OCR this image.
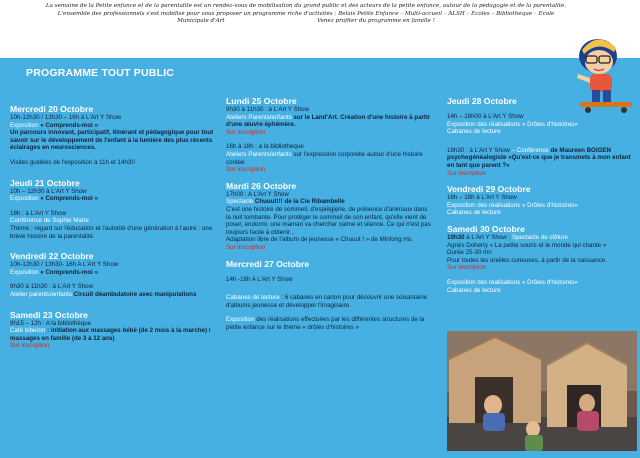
La semaine de la Petite enfance et de la parentalité est un rendez-vous de mobilisation du grand public et des acteurs de la petite enfance, autour de la pédagogie et de la parentalité.
L'ensemble des professionnels s'est mobilisé pour vous proposer un programme riche d'activités : Relais Petite Enfance – Multi-accueil – ALSH – Écoles – Bibliothèque – Ecole
Municipale d'Art                                                    Venez profiter du programme en famille !
PROGRAMME TOUT PUBLIC
Mercredi 20 Octobre
10h-12h30 / 13h30 – 16h à L'Art Y Show
Exposition « Comprends-moi »
Un parcours innovant, participatif, itinérant et pédagogique pour tout savoir sur le développement de l'enfant à la lumière des plus récents éclairages en neurosciences.
Visites guidées de l'exposition à 11h et 14h30
Jeudi 21 Octobre
10h – 12h30 à L'Art Y Show
Exposition « Comprends-moi »
18h : à L'Art Y Show
Conférence de Sophie Marie
Thème : regard sur l'éducation et l'autorité d'une génération à l'autre : une brève histoire de la parentalité.
Vendredi 22 Octobre
10h-12h30 / 13h30- 16h A L'Art Y Show
Exposition « Comprends-moi »
9h30 à 11h30 : à L'Art Y Show
Atelier parents/enfants Circuit déambulatoire avec manipulations
Samedi 23 Octobre
9h15 – 12h : A la bibliothèque
Café biberon : initiation aux massages bébé (de 2 mois à la marche) / massages en famille (de 3 à 12 ans)
Sur inscription
Lundi 25 Octobre
9h30 à 11h30 : à L'Art Y Show
Ateliers Parents/enfants sur le Land'Art. Création d'une histoire à partir d'une œuvre éphémère.
Sur inscription
16h à 18h : à la bibliothèque
Ateliers Parents/enfants sur l'expression corporelle autour d'une histoire contée
Sur inscription
Mardi 26 Octobre
17h00 : A L'Art Y Show
Spectacle Chuuut!!! de la Cie Ribambelle
C'est une histoire de sommeil, d'espiègle̱rie, de présence d'animaux dans la nuit tombante. Pour protéger le sommeil de son enfant, qu'elle vient de poser, endormi, une maman va chercher calme et silence. Ce qui n'est pas toujours facile à obtenir...
Adaptation libre de l'album de jeunesse « Chuuut ! » de Minfong Ho.
Sur inscription
Mercredi 27 Octobre
14h -18h A L'Art Y Show
Cabanes de lecture : 6 cabanes en carton pour découvrir une soixantaine d'albums jeunesse et développer l'imaginaire.
Exposition des réalisations effectuées par les différentes structures de la petite enfance sur le thème « drôles d'histoires »
Jeudi 28 Octobre
14h – 18h00 à L'Art Y Show
Exposition des réalisations « Drôles d'histoires»
Cabanes de lecture
18h30 : à L'Art Y Show – Conférence de Maureen BOIGEN psychogénéalogiste «Qu'est-ce que je transmets à mon enfant en tant que parent ?»
Sur inscription
Vendredi 29 Octobre
16h – 18h à L'Art Y Show
Exposition des réalisations « Drôles d'histoires»
Cabanes de lecture
Samedi 30 Octobre
10h30 à L'Art Y Show : Spectacle de clôture
Agnès Doherty « La petite souris et le monde qui chante »
Durée 25-30 mn
Pour toutes les oreilles curieuses, à partir de la naissance.
Sur inscription
Exposition des réalisations « Drôles d'histoires»
Cabanes de lecture
